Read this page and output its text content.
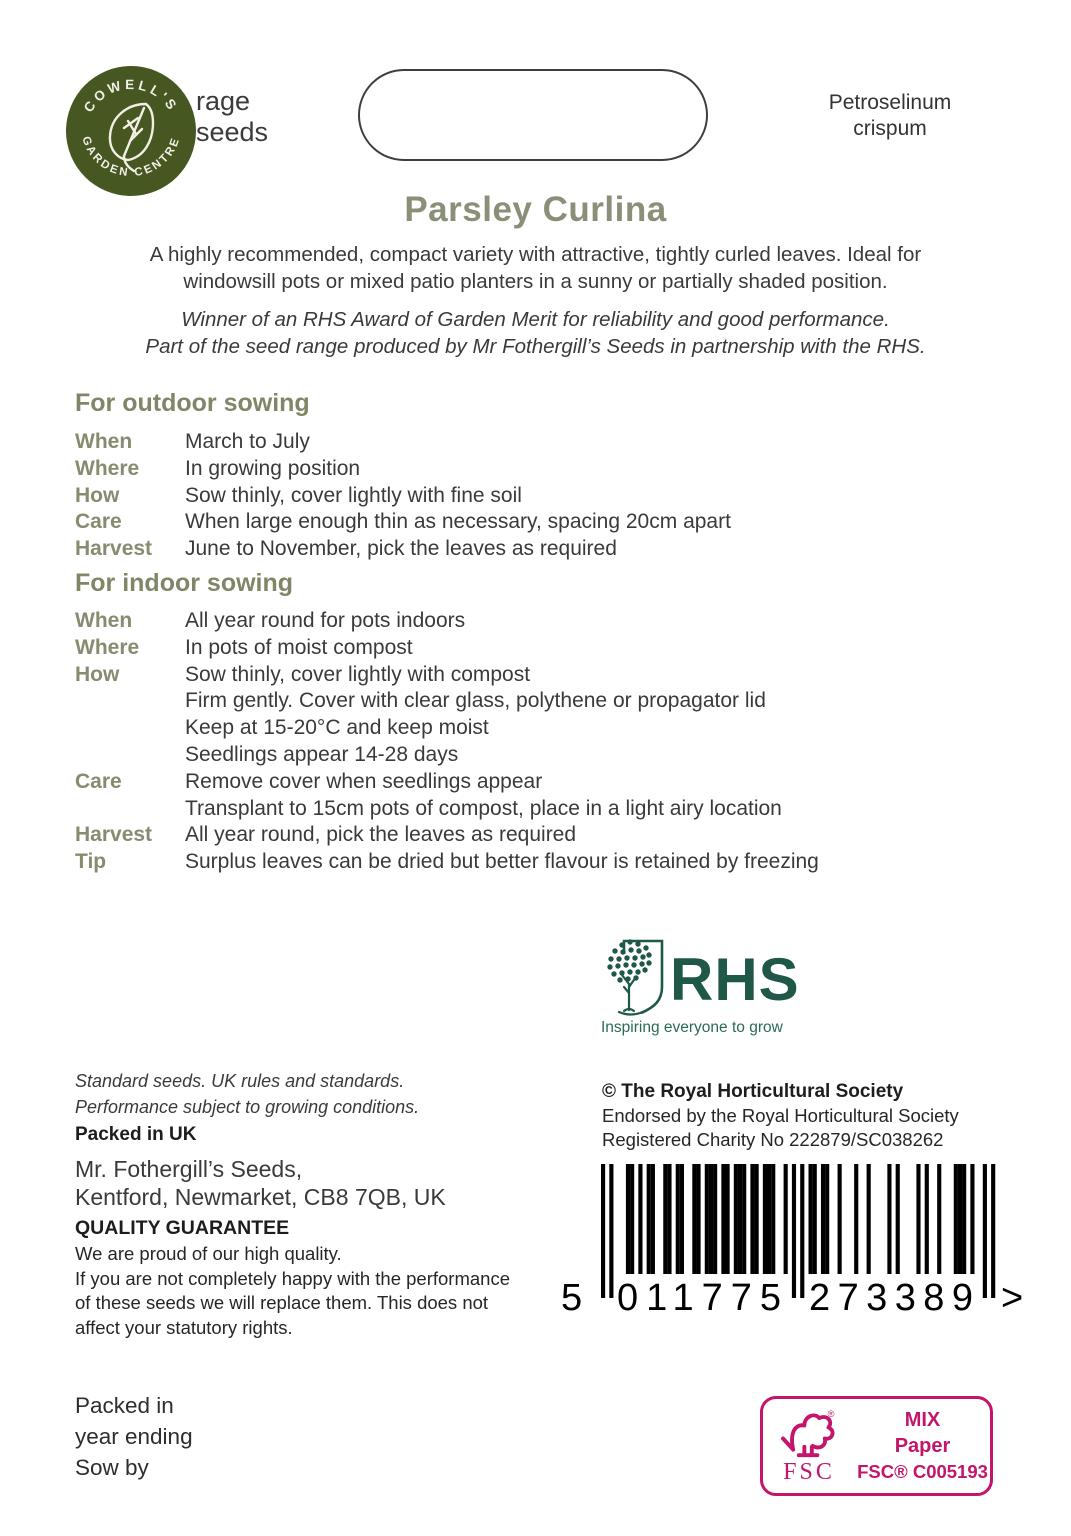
rage
seeds
COWELL'S
GARDEN CENTRE
Petroselinum
crispum
Parsley Curlina
A highly recommended, compact variety with attractive, tightly curled leaves. Ideal for
windowsill pots or mixed patio planters in a sunny or partially shaded position.
Winner of an RHS Award of Garden Merit for reliability and good performance.
Part of the seed range produced by Mr Fothergill’s Seeds in partnership with the RHS.
For outdoor sowing
When	March to July
Where	In growing position
How	Sow thinly, cover lightly with fine soil
Care	When large enough thin as necessary, spacing 20cm apart
Harvest	June to November, pick the leaves as required
For indoor sowing
When	All year round for pots indoors
Where	In pots of moist compost
How	Sow thinly, cover lightly with compost
Firm gently. Cover with clear glass, polythene or propagator lid
Keep at 15-20°C and keep moist
Seedlings appear 14-28 days
Care	Remove cover when seedlings appear
Transplant to 15cm pots of compost, place in a light airy location
Harvest	All year round, pick the leaves as required
Tip	Surplus leaves can be dried but better flavour is retained by freezing
RHS
Inspiring everyone to grow
Standard seeds. UK rules and standards.
Performance subject to growing conditions.
Packed in UK
Mr. Fothergill’s Seeds,
Kentford, Newmarket, CB8 7QB, UK
QUALITY GUARANTEE
We are proud of our high quality.
If you are not completely happy with the performance
of these seeds we will replace them. This does not
affect your statutory rights.
© The Royal Horticultural Society
Endorsed by the Royal Horticultural Society
Registered Charity No 222879/SC038262
5 011775 273389 >
Packed in
year ending
Sow by
®
FSC
MIX
Paper
FSC® C005193
